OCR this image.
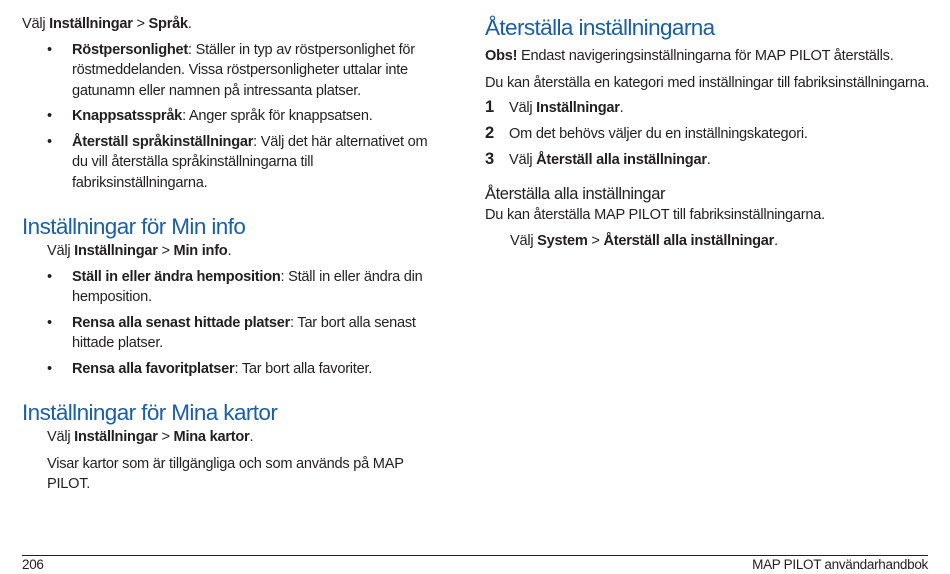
Välj Inställningar > Språk.

• Röstpersonlighet: Ställer in typ av röstpersonlighet för röstmeddelanden. Vissa röstpersonligheter uttalar inte gatunamn eller namnen på intressanta platser.
• Knappsatsspråk: Anger språk för knappsatsen.
• Återställ språkinställningar: Välj det här alternativet om du vill återställa språkinställningarna till fabriksinställningarna.
Inställningar för Min info

Välj Inställningar > Min info.

• Ställ in eller ändra hemposition: Ställ in eller ändra din hemposition.
• Rensa alla senast hittade platser: Tar bort alla senast hittade platser.
• Rensa alla favoritplatser: Tar bort alla favoriter.
Inställningar för Mina kartor

Välj Inställningar > Mina kartor.

Visar kartor som är tillgängliga och som används på MAP PILOT.

Återställa inställningarna

Obs! Endast navigeringsinställningarna för MAP PILOT återställs.

Du kan återställa en kategori med inställningar till fabriksinställningarna.

1 Välj Inställningar.
2 Om det behövs väljer du en inställningskategori.
3 Välj Återställ alla inställningar.
Återställa alla inställningar

Du kan återställa MAP PILOT till fabriksinställningarna.

Välj System > Återställ alla inställningar.

206	MAP PILOT användarhandbok
